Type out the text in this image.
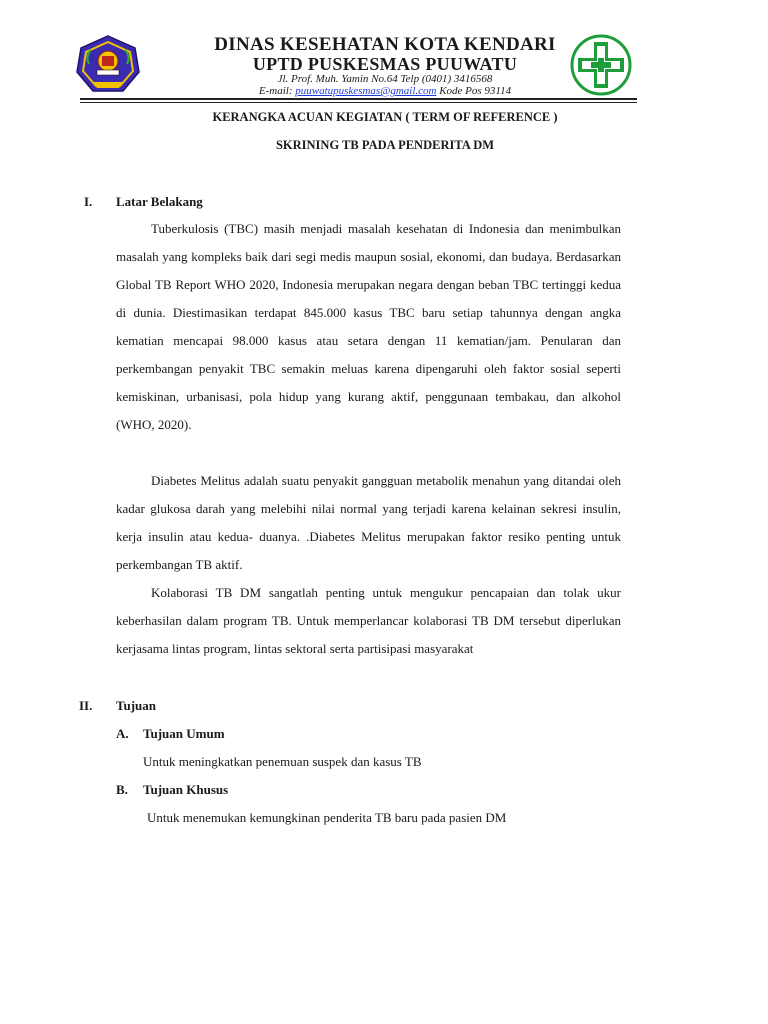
DINAS KESEHATAN KOTA KENDARI
UPTD PUSKESMAS PUUWATU
Jl. Prof. Muh. Yamin No.64 Telp (0401) 3416568
E-mail: puuwatupuskesmas@gmail.com Kode Pos 93114
KERANGKA ACUAN KEGIATAN ( TERM OF REFERENCE )
SKRINING TB PADA PENDERITA DM
I. Latar Belakang
Tuberkulosis (TBC) masih menjadi masalah kesehatan di Indonesia dan menimbulkan masalah yang kompleks baik dari segi medis maupun sosial, ekonomi, dan budaya. Berdasarkan Global TB Report WHO 2020, Indonesia merupakan negara dengan beban TBC tertinggi kedua di dunia. Diestimasikan terdapat 845.000 kasus TBC baru setiap tahunnya dengan angka kematian mencapai 98.000 kasus atau setara dengan 11 kematian/jam. Penularan dan perkembangan penyakit TBC semakin meluas karena dipengaruhi oleh faktor sosial seperti kemiskinan, urbanisasi, pola hidup yang kurang aktif, penggunaan tembakau, dan alkohol (WHO, 2020).
Diabetes Melitus adalah suatu penyakit gangguan metabolik menahun yang ditandai oleh kadar glukosa darah yang melebihi nilai normal yang terjadi karena kelainan sekresi insulin, kerja insulin atau kedua- duanya. .Diabetes Melitus merupakan faktor resiko penting untuk perkembangan TB aktif.
Kolaborasi TB DM sangatlah penting untuk mengukur pencapaian dan tolak ukur keberhasilan dalam program TB. Untuk memperlancar kolaborasi TB DM tersebut diperlukan kerjasama lintas program, lintas sektoral serta partisipasi masyarakat
II. Tujuan
A. Tujuan Umum
Untuk meningkatkan penemuan suspek dan kasus TB
B. Tujuan Khusus
Untuk menemukan kemungkinan penderita TB baru pada pasien DM
